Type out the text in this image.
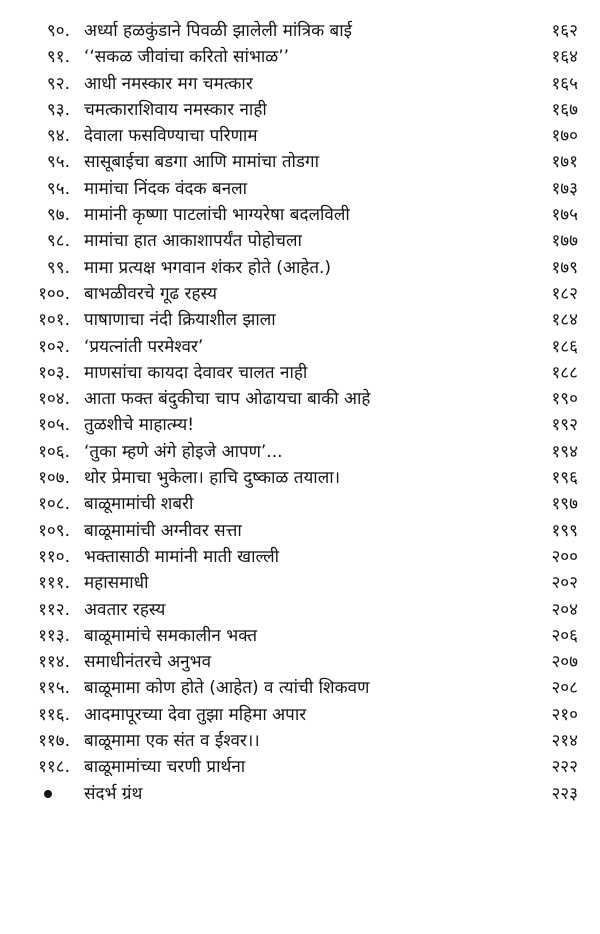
९०. अर्ध्या हळकुंडाने पिवळी झालेली मांत्रिक बाई	१६२
९१. ‘‘सकळ जीवांचा करितो सांभाळ’’	१६४
९२. आधी नमस्कार मग चमत्कार	१६५
९३. चमत्काराशिवाय नमस्कार नाही	१६७
९४. देवाला फसविण्याचा परिणाम	१७०
९५. सासूबाईचा बडगा आणि मामांचा तोडगा	१७१
९५. मामांचा निंदक वंदक बनला	१७३
९७. मामांनी कृष्णा पाटलांची भाग्यरेषा बदलविली	१७५
९८. मामांचा हात आकाशापर्यंत पोहोचला	१७७
९९. मामा प्रत्यक्ष भगवान शंकर होते (आहेत.)	१७९
१००. बाभळीवरचे गूढ रहस्य	१८२
१०१. पाषाणाचा नंदी क्रियाशील झाला	१८४
१०२. ‘प्रयत्नांती परमेश्वर’	१८६
१०३. माणसांचा कायदा देवावर चालत नाही	१८८
१०४. आता फक्त बंदुकीचा चाप ओढायचा बाकी आहे	१९०
१०५. तुळशीचे माहात्म्य!	१९२
१०६. ‘तुका म्हणे अंगे होइजे आपण’...	१९४
१०७. थोर प्रेमाचा भुकेला। हाचि दुष्काळ तयाला।	१९६
१०८. बाळूमामांची शबरी	१९७
१०९. बाळूमामांची अग्नीवर सत्ता	१९९
११०. भक्तासाठी मामांनी माती खाल्ली	२००
१११. महासमाधी	२०२
११२. अवतार रहस्य	२०४
११३. बाळूमामांचे समकालीन भक्त	२०६
११४. समाधीनंतरचे अनुभव	२०७
११५. बाळूमामा कोण होते (आहेत) व त्यांची शिकवण	२०८
११६. आदमापूरच्या देवा तुझा महिमा अपार	२१०
११७. बाळूमामा एक संत व ईश्वर।।	२१४
११८. बाळूमामांच्या चरणी प्रार्थना	२२२
संदर्भ ग्रंथ	२२३
